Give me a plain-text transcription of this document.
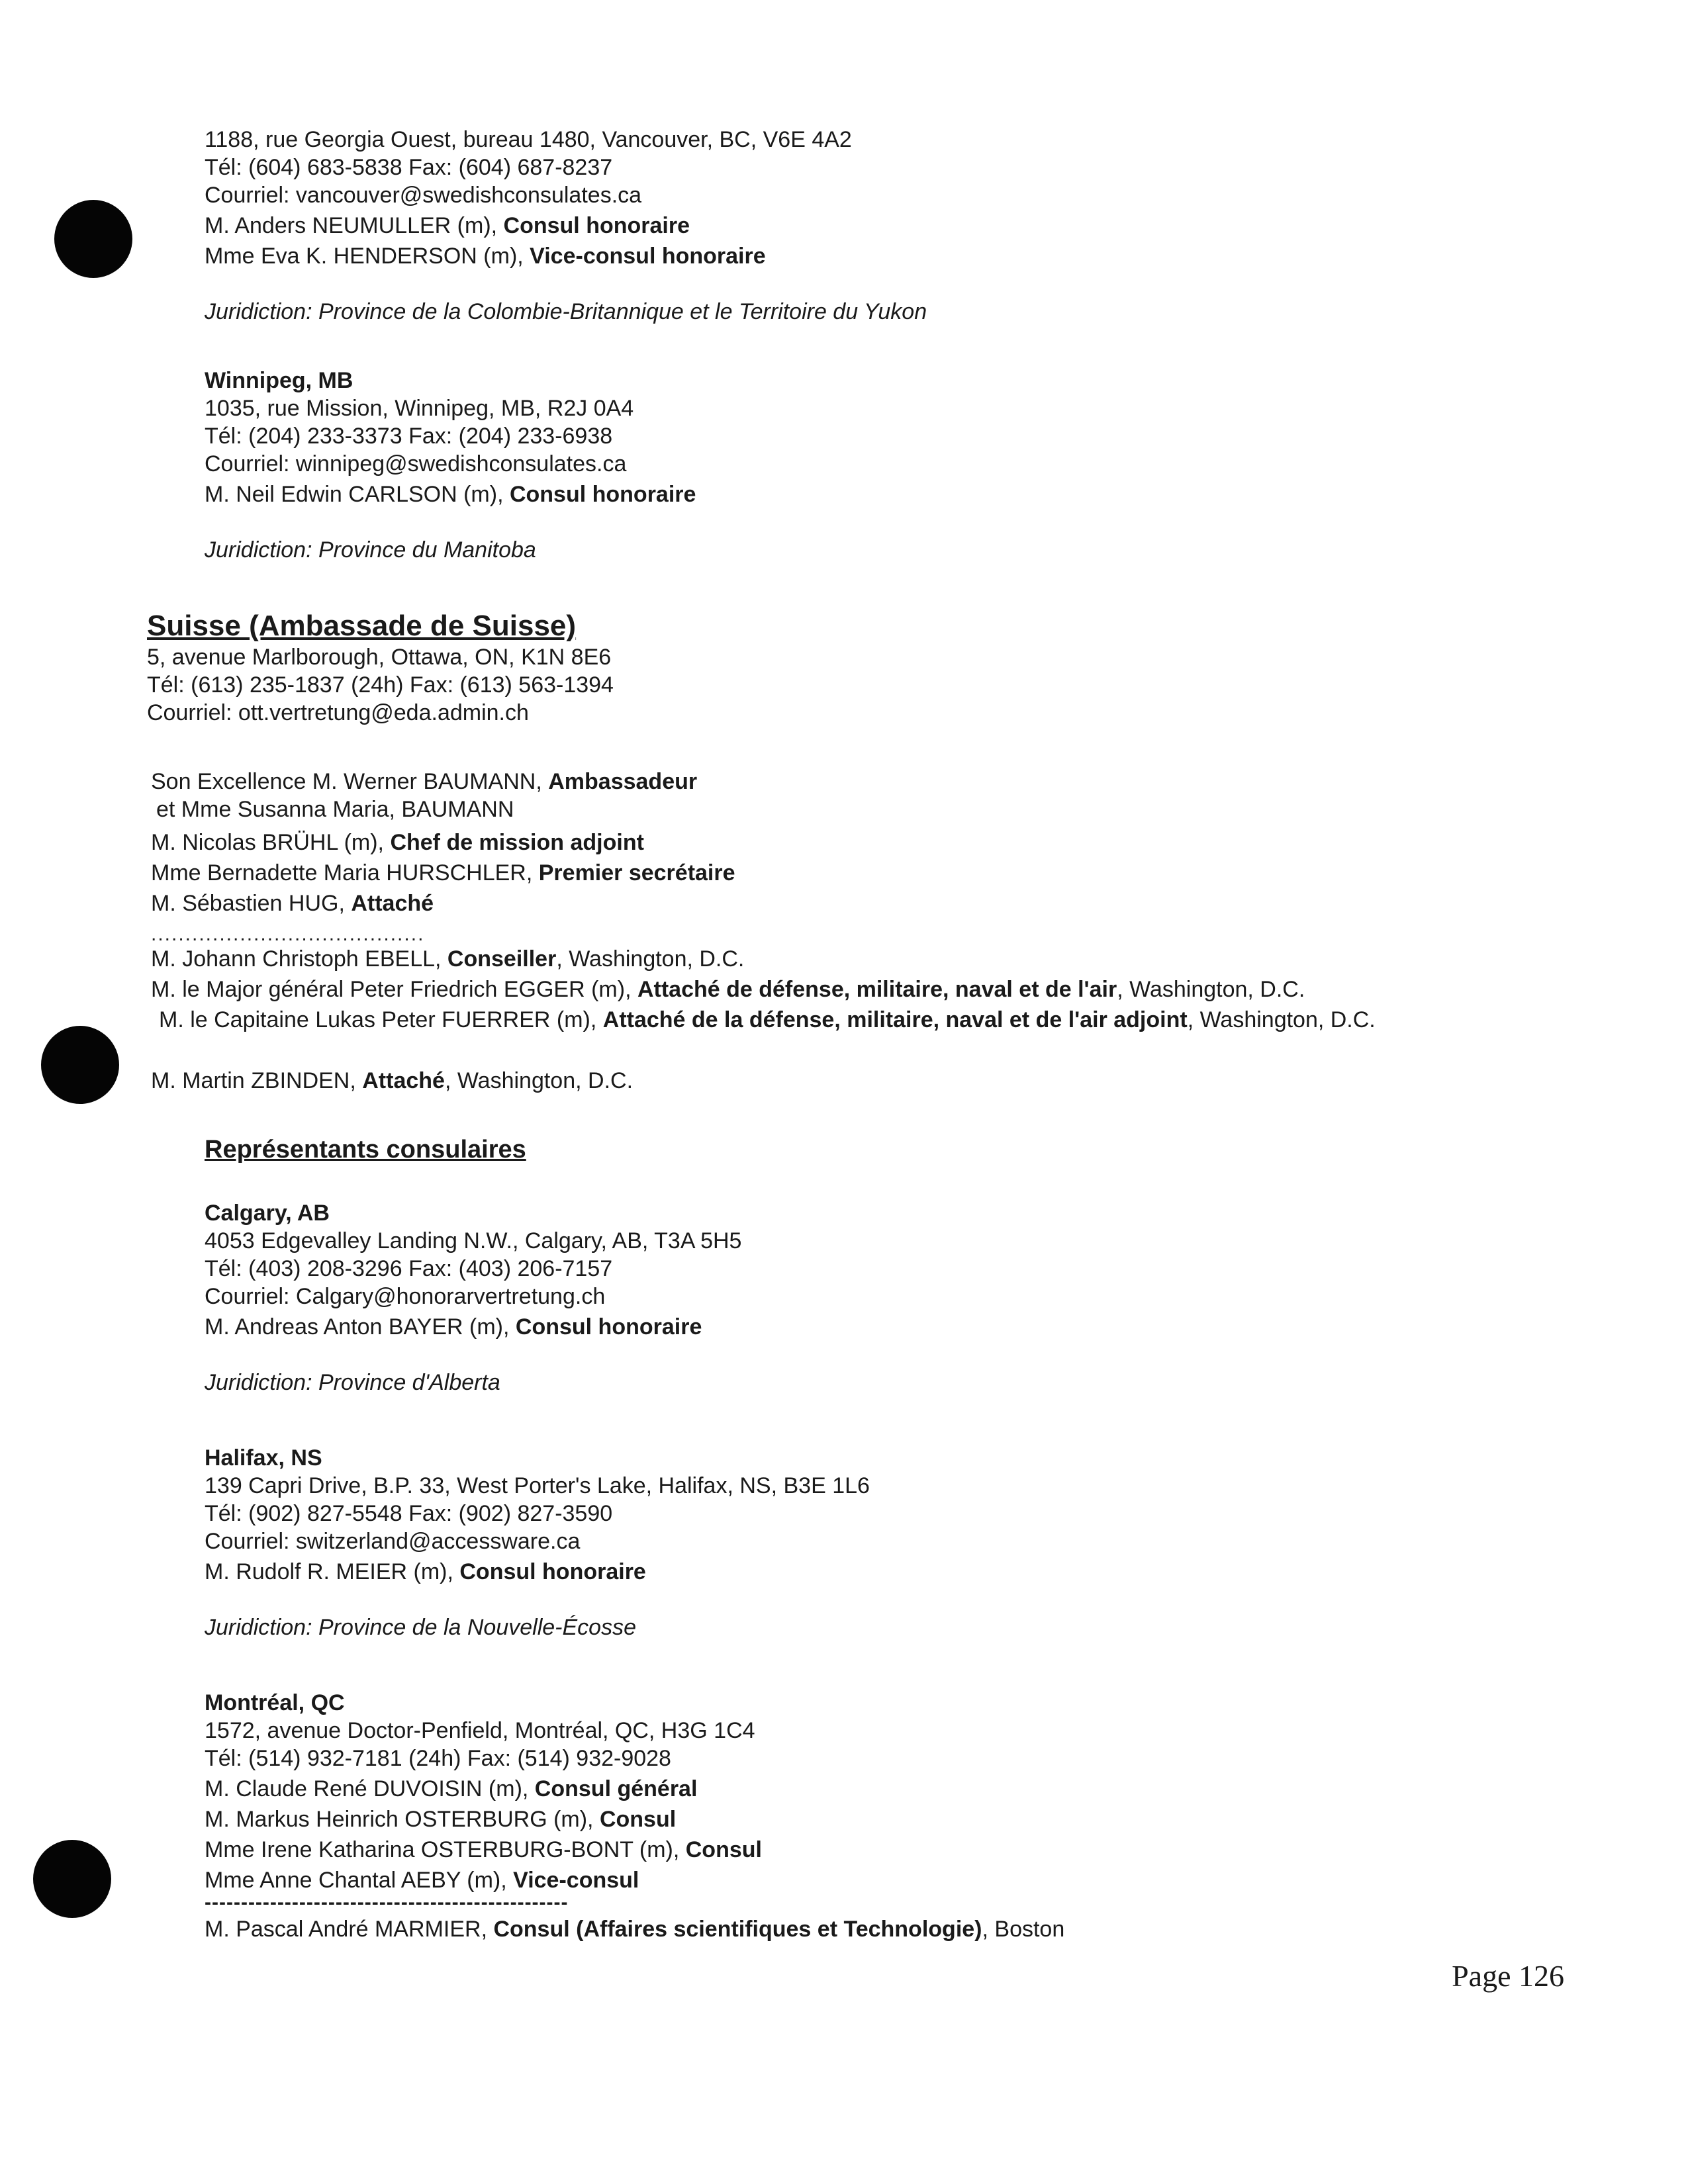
1188, rue Georgia Ouest, bureau 1480, Vancouver, BC, V6E 4A2
Tél: (604) 683-5838 Fax: (604) 687-8237
Courriel: vancouver@swedishconsulates.ca
M. Anders NEUMULLER (m), Consul honoraire
Mme Eva K. HENDERSON (m), Vice-consul honoraire
Juridiction: Province de la Colombie-Britannique et le Territoire du Yukon
Winnipeg, MB
1035, rue Mission, Winnipeg, MB, R2J 0A4
Tél: (204) 233-3373 Fax: (204) 233-6938
Courriel: winnipeg@swedishconsulates.ca
M. Neil Edwin CARLSON (m), Consul honoraire
Juridiction: Province du Manitoba
Suisse (Ambassade de Suisse)
5, avenue Marlborough, Ottawa, ON, K1N 8E6
Tél: (613) 235-1837 (24h) Fax: (613) 563-1394
Courriel: ott.vertretung@eda.admin.ch
Son Excellence M. Werner BAUMANN, Ambassadeur
et Mme Susanna Maria, BAUMANN
M. Nicolas BRÜHL (m), Chef de mission adjoint
Mme Bernadette Maria HURSCHLER, Premier secrétaire
M. Sébastien HUG, Attaché
........................................
M. Johann Christoph EBELL, Conseiller, Washington, D.C.
M. le Major général Peter Friedrich EGGER (m), Attaché de défense, militaire, naval et de l'air, Washington, D.C.
M. le Capitaine Lukas Peter FUERRER (m), Attaché de la défense, militaire, naval et de l'air adjoint, Washington, D.C.
M. Martin ZBINDEN, Attaché, Washington, D.C.
Représentants consulaires
Calgary, AB
4053 Edgevalley Landing N.W., Calgary, AB, T3A 5H5
Tél: (403) 208-3296 Fax: (403) 206-7157
Courriel: Calgary@honorarvertretung.ch
M. Andreas Anton BAYER (m), Consul honoraire
Juridiction: Province d'Alberta
Halifax, NS
139 Capri Drive, B.P. 33, West Porter's Lake, Halifax, NS, B3E 1L6
Tél: (902) 827-5548 Fax: (902) 827-3590
Courriel: switzerland@accessware.ca
M. Rudolf R. MEIER (m), Consul honoraire
Juridiction: Province de la Nouvelle-Écosse
Montréal, QC
1572, avenue Doctor-Penfield, Montréal, QC, H3G 1C4
Tél: (514) 932-7181 (24h) Fax: (514) 932-9028
M. Claude René DUVOISIN (m), Consul général
M. Markus Heinrich OSTERBURG (m), Consul
Mme Irene Katharina OSTERBURG-BONT (m), Consul
Mme Anne Chantal AEBY (m), Vice-consul
--------------------------------------------------
M. Pascal André MARMIER, Consul (Affaires scientifiques et Technologie), Boston
Page 126
